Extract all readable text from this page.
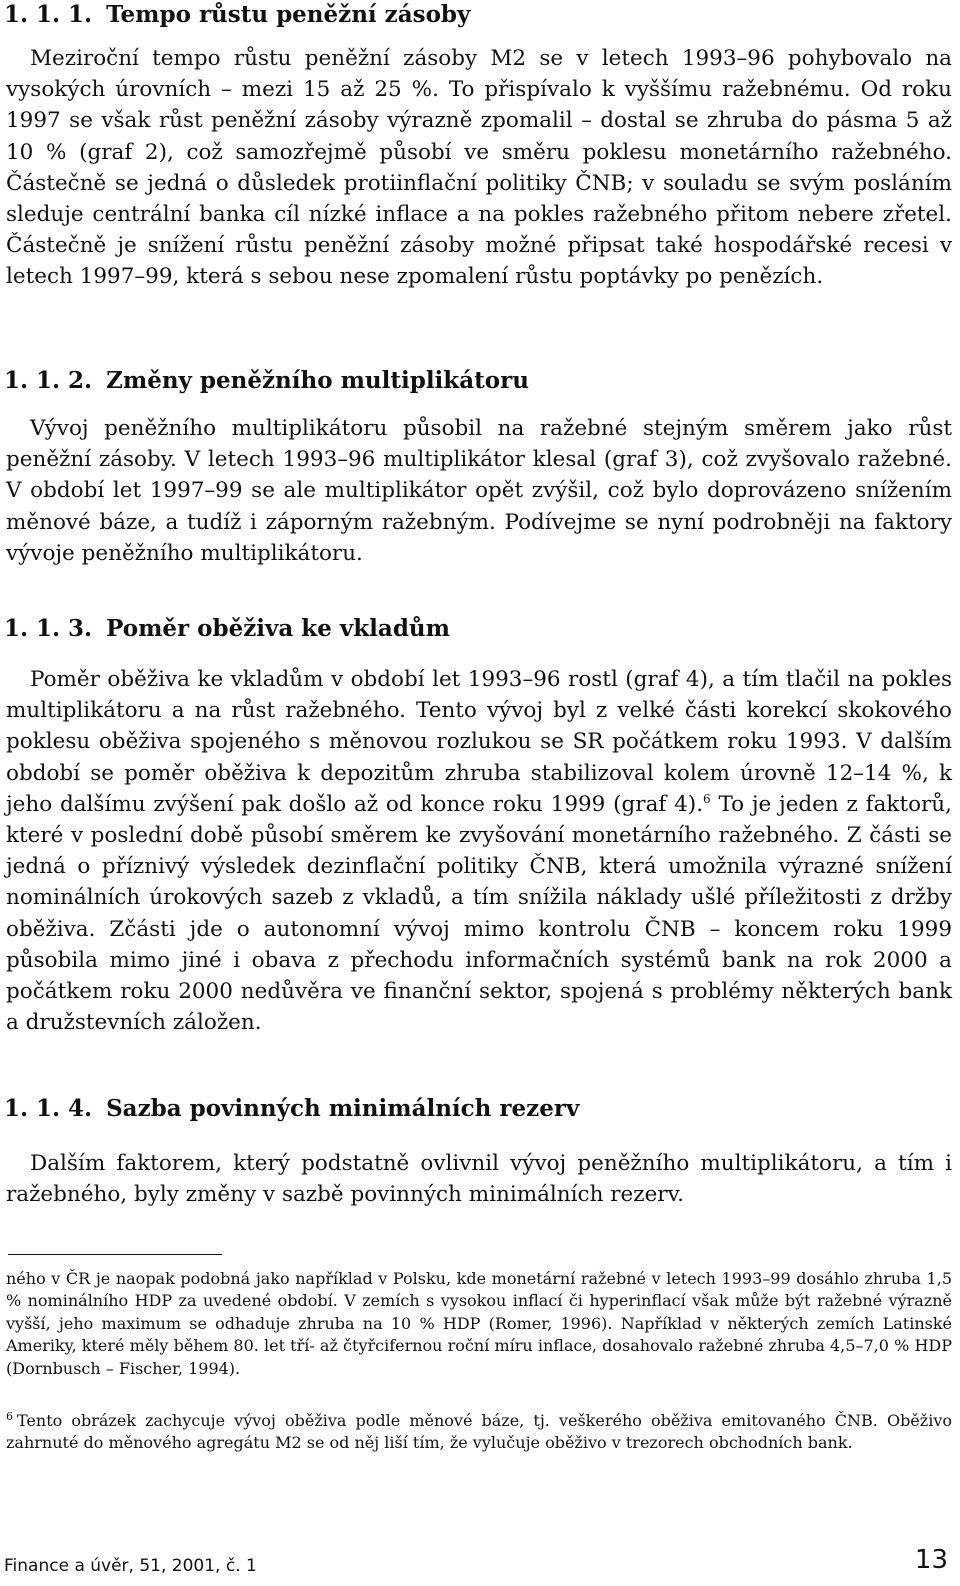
1. 1. 1. Tempo růstu peněžní zásoby

Meziroční tempo růstu peněžní zásoby M2 se v letech 1993–96 pohybovalo na vysokých úrovních – mezi 15 až 25 %. To přispívalo k vyššímu ražebnému. Od roku 1997 se však růst peněžní zásoby výrazně zpomalil – dostal se zhruba do pásma 5 až 10 % (graf 2), což samozřejmě působí ve směru poklesu monetárního ražebného. Částečně se jedná o důsledek protiinflační politiky ČNB; v souladu se svým posláním sleduje centrální banka cíl nízké inflace a na pokles ražebného přitom nebere zřetel. Částečně je snížení růstu peněžní zásoby možné připsat také hospodářské recesi v letech 1997–99, která s sebou nese zpomalení růstu poptávky po penězích.

1. 1. 2. Změny peněžního multiplikátoru

Vývoj peněžního multiplikátoru působil na ražebné stejným směrem jako růst peněžní zásoby. V letech 1993–96 multiplikátor klesal (graf 3), což zvyšovalo ražebné. V období let 1997–99 se ale multiplikátor opět zvýšil, což bylo doprovázeno snížením měnové báze, a tudíž i záporným ražebným. Podívejme se nyní podrobněji na faktory vývoje peněžního multiplikátoru.

1. 1. 3. Poměr oběživa ke vkladům

Poměr oběživa ke vkladům v období let 1993–96 rostl (graf 4), a tím tlačil na pokles multiplikátoru a na růst ražebného. Tento vývoj byl z velké části korekcí skokového poklesu oběživa spojeného s měnovou rozlukou se SR počátkem roku 1993. V dalším období se poměr oběživa k depozitům zhruba stabilizoval kolem úrovně 12–14 %, k jeho dalšímu zvýšení pak došlo až od konce roku 1999 (graf 4).$^6$ To je jeden z faktorů, které v poslední době působí směrem ke zvyšování monetárního ražebného. Z části se jedná o příznivý výsledek dezinflační politiky ČNB, která umožnila výrazné snížení nominálních úrokových sazeb z vkladů, a tím snížila náklady ušlé příležitosti z držby oběživa. Zčásti jde o autonomní vývoj mimo kontrolu ČNB – koncem roku 1999 působila mimo jiné i obava z přechodu informačních systémů bank na rok 2000 a počátkem roku 2000 nedůvěra ve finanční sektor, spojená s problémy některých bank a družstevních záložen.

1. 1. 4. Sazba povinných minimálních rezerv

Dalším faktorem, který podstatně ovlivnil vývoj peněžního multiplikátoru, a tím i ražebného, byly změny v sazbě povinných minimálních rezerv.

ného v ČR je naopak podobná jako například v Polsku, kde monetární ražebné v letech 1993–99 dosáhlo zhruba 1,5 % nominálního HDP za uvedené období. V zemích s vysokou inflací či hyperinflací však může být ražebné výrazně vyšší, jeho maximum se odhaduje zhruba na 10 % HDP (Romer, 1996). Například v některých zemích Latinské Ameriky, které měly během 80. let tří- až čtyřcifernou roční míru inflace, dosahovalo ražebné zhruba 4,5–7,0 % HDP (Dornbusch – Fischer, 1994).

$^6$ Tento obrázek zachycuje vývoj oběživa podle měnové báze, tj. veškerého oběživa emitovaného ČNB. Oběživo zahrnuté do měnového agregátu M2 se od něj liší tím, že vylučuje oběživo v trezorech obchodních bank.

Finance a úvěr, 51, 2001, č. 1	13
